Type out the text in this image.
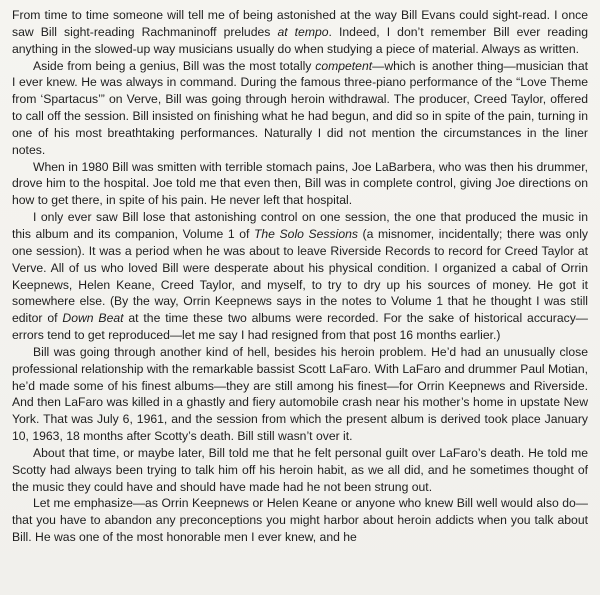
From time to time someone will tell me of being astonished at the way Bill Evans could sight-read. I once saw Bill sight-reading Rachmaninoff preludes at tempo. Indeed, I don’t remember Bill ever reading anything in the slowed-up way musicians usually do when studying a piece of material. Always as written.

Aside from being a genius, Bill was the most totally competent—which is another thing—musician that I ever knew. He was always in command. During the famous three-piano performance of the “Love Theme from ‘Spartacus’” on Verve, Bill was going through heroin withdrawal. The producer, Creed Taylor, offered to call off the session. Bill insisted on finishing what he had begun, and did so in spite of the pain, turning in one of his most breathtaking performances. Naturally I did not mention the circumstances in the liner notes.

When in 1980 Bill was smitten with terrible stomach pains, Joe LaBarbera, who was then his drummer, drove him to the hospital. Joe told me that even then, Bill was in complete control, giving Joe directions on how to get there, in spite of his pain. He never left that hospital.

I only ever saw Bill lose that astonishing control on one session, the one that produced the music in this album and its companion, Volume 1 of The Solo Sessions (a misnomer, incidentally; there was only one session). It was a period when he was about to leave Riverside Records to record for Creed Taylor at Verve. All of us who loved Bill were desperate about his physical condition. I organized a cabal of Orrin Keepnews, Helen Keane, Creed Taylor, and myself, to try to dry up his sources of money. He got it somewhere else. (By the way, Orrin Keepnews says in the notes to Volume 1 that he thought I was still editor of Down Beat at the time these two albums were recorded. For the sake of historical accuracy—errors tend to get reproduced—let me say I had resigned from that post 16 months earlier.)

Bill was going through another kind of hell, besides his heroin problem. He’d had an unusually close professional relationship with the remarkable bassist Scott LaFaro. With LaFaro and drummer Paul Motian, he’d made some of his finest albums—they are still among his finest—for Orrin Keepnews and Riverside. And then LaFaro was killed in a ghastly and fiery automobile crash near his mother’s home in upstate New York. That was July 6, 1961, and the session from which the present album is derived took place January 10, 1963, 18 months after Scotty’s death. Bill still wasn’t over it.

About that time, or maybe later, Bill told me that he felt personal guilt over LaFaro’s death. He told me Scotty had always been trying to talk him off his heroin habit, as we all did, and he sometimes thought of the music they could have and should have made had he not been strung out.

Let me emphasize—as Orrin Keepnews or Helen Keane or anyone who knew Bill well would also do—that you have to abandon any preconceptions you might harbor about heroin addicts when you talk about Bill. He was one of the most honorable men I ever knew, and he
